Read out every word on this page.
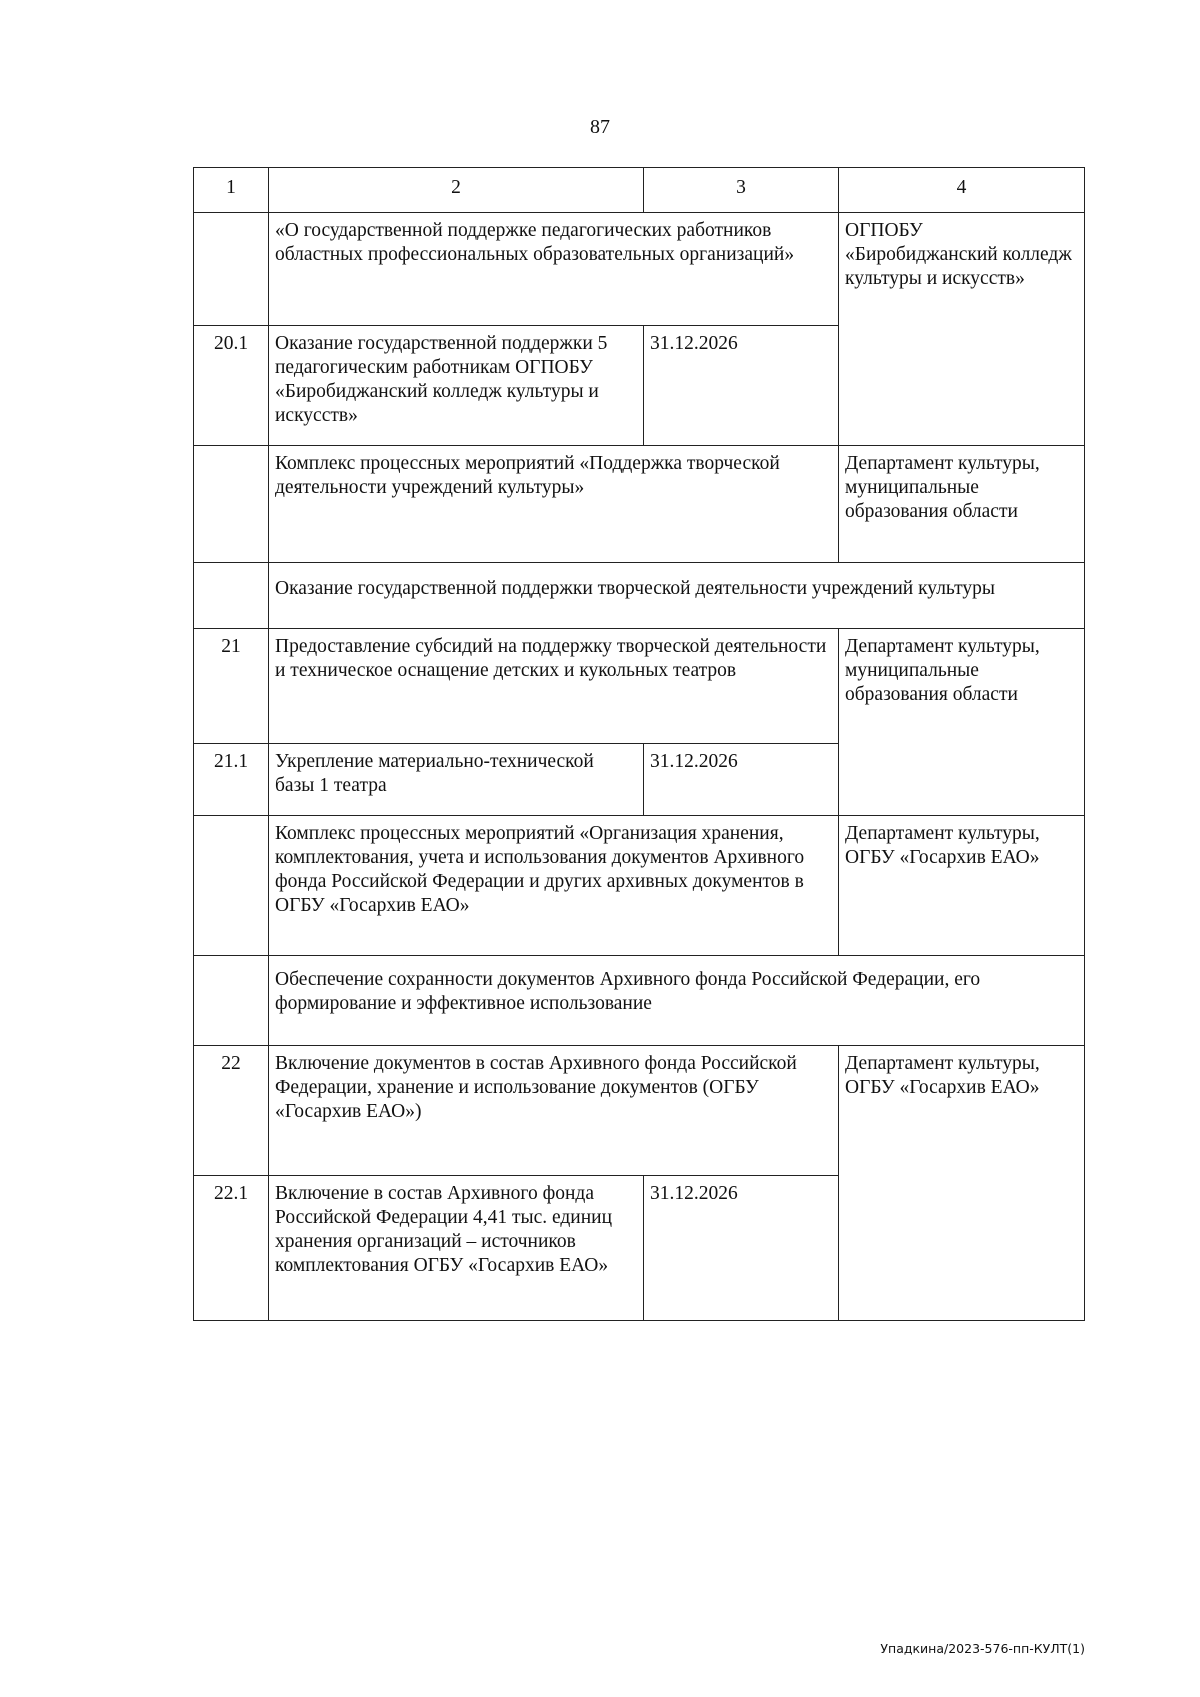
87
1	2	3	4
	«О государственной поддержке педагогических работников областных профессиональных образовательных организаций»		ОГПОБУ «Биробиджанский колледж культуры и искусств»
20.1	Оказание государственной поддержки 5 педагогическим работникам ОГПОБУ «Биробиджанский колледж культуры и искусств»	31.12.2026	
	Комплекс процессных мероприятий «Поддержка творческой деятельности учреждений культуры»		Департамент культуры, муниципальные образования области
	Оказание государственной поддержки творческой деятельности учреждений культуры		
21	Предоставление субсидий на поддержку творческой деятельности и техническое оснащение детских и кукольных театров		Департамент культуры, муниципальные образования области
21.1	Укрепление материально-технической базы 1 театра	31.12.2026	
	Комплекс процессных мероприятий «Организация хранения, комплектования, учета и использования документов Архивного фонда Российской Федерации и других архивных документов в ОГБУ «Госархив ЕАО»		Департамент культуры, ОГБУ «Госархив ЕАО»
	Обеспечение сохранности документов Архивного фонда Российской Федерации, его формирование и эффективное использование		
22	Включение документов в состав Архивного фонда Российской Федерации, хранение и использование документов (ОГБУ «Госархив ЕАО»)		Департамент культуры, ОГБУ «Госархив ЕАО»
22.1	Включение в состав Архивного фонда Российской Федерации 4,41 тыс. единиц хранения организаций – источников комплектования ОГБУ «Госархив ЕАО»	31.12.2026	
Упадкина/2023-576-пп-КУЛТ(1)
